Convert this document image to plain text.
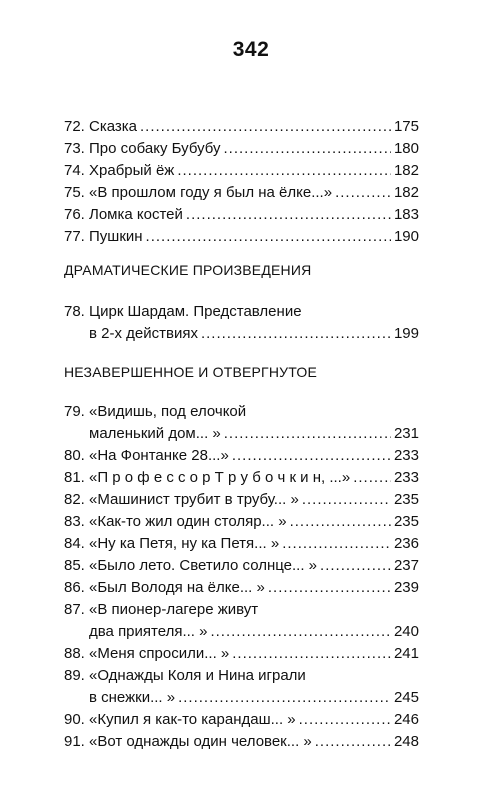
342
72. Сказка .....	175
73. Про собаку Бубубу .....	180
74. Храбрый ёж .....	182
75. «В прошлом году я был на ёлке...» .....	182
76. Ломка костей .....	183
77. Пушкин .....	190
ДРАМАТИЧЕСКИЕ ПРОИЗВЕДЕНИЯ
78. Цирк Шардам. Представление
в 2-х действиях .....	199
НЕЗАВЕРШЕННОЕ И ОТВЕРГНУТОЕ
79. «Видишь, под елочкой
маленький дом... » .....	231
80. «На Фонтанке 28...» .....	233
81. «П р о ф е с с о р Т р у б о ч к и н, ...» .....	233
82. «Машинист трубит в трубу... » .....	235
83. «Как-то жил один столяр... » .....	235
84. «Ну ка Петя, ну ка Петя... » .....	236
85. «Было лето. Светило солнце... » .....	237
86. «Был Володя на ёлке... » .....	239
87. «В пионер-лагере живут
два приятеля... » .....	240
88. «Меня спросили... » .....	241
89. «Однажды Коля и Нина играли
в снежки... » .....	245
90. «Купил я как-то карандаш... » .....	246
91. «Вот однажды один человек... » .....	248
